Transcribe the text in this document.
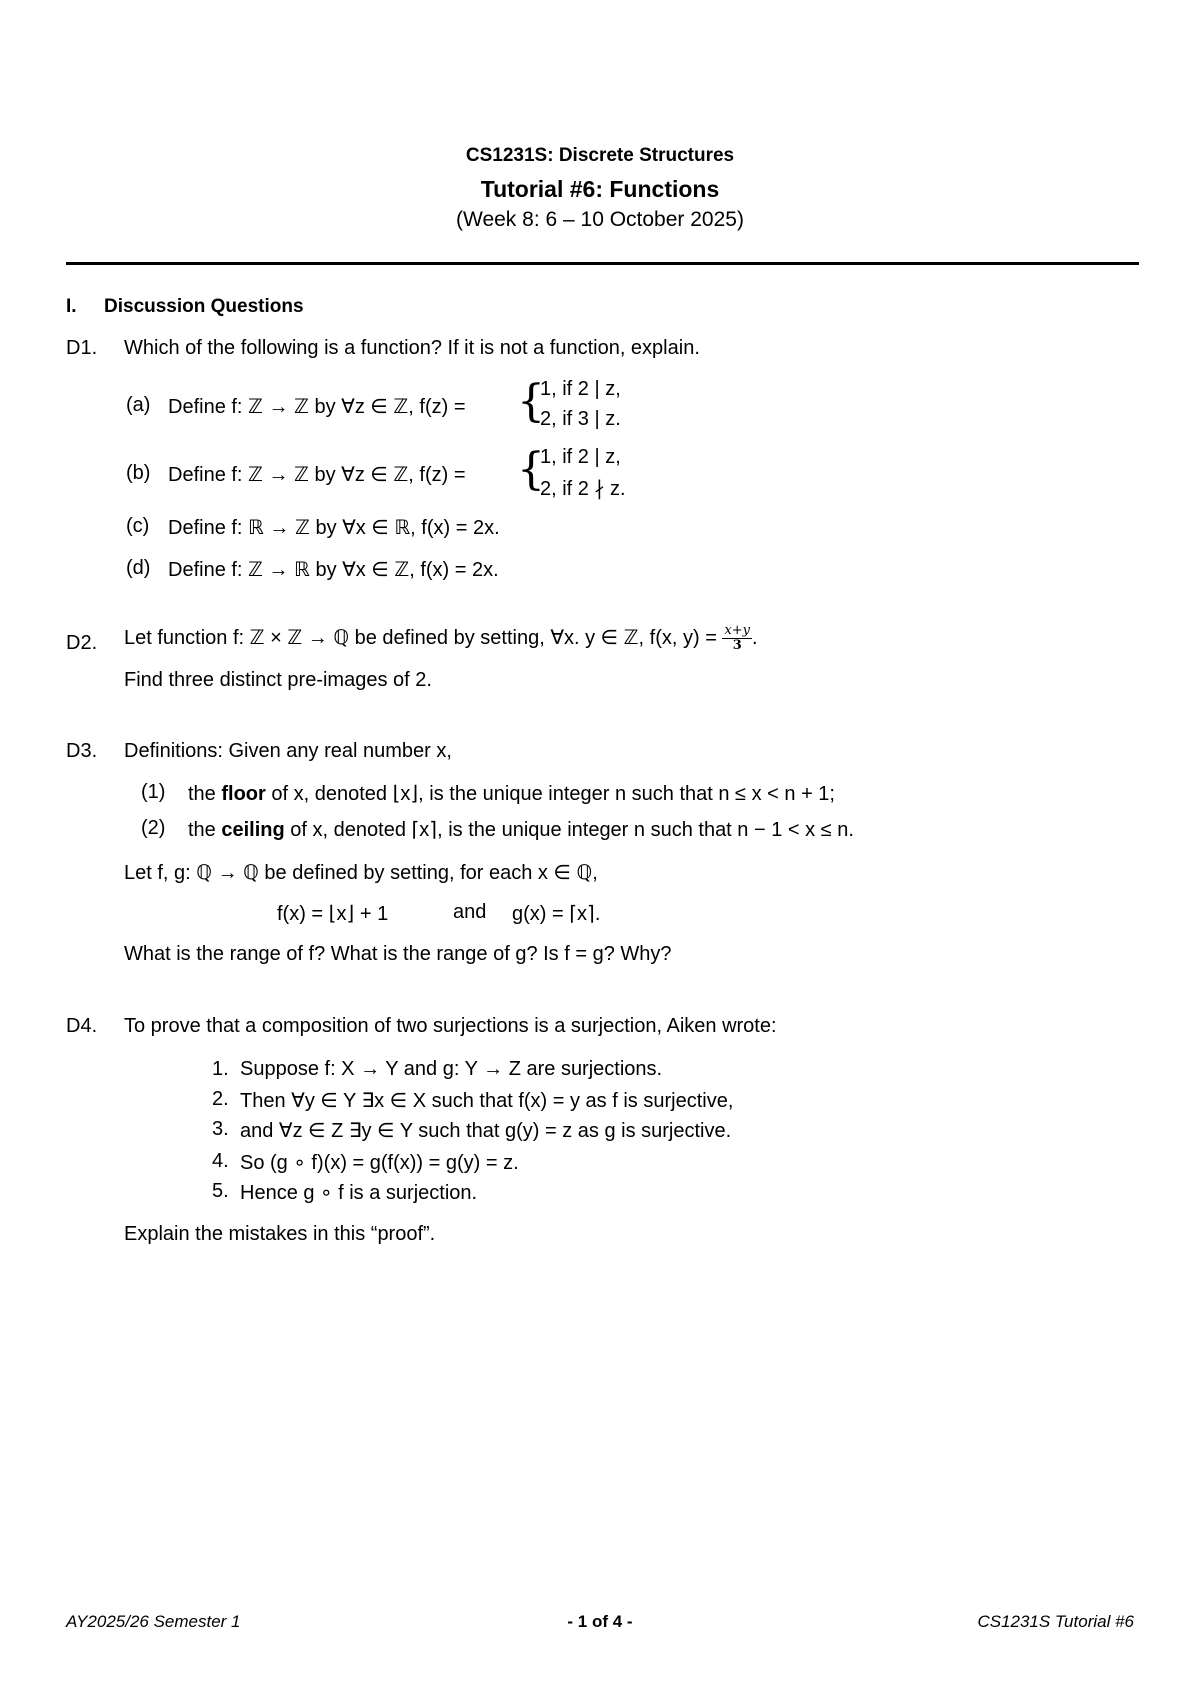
CS1231S: Discrete Structures
Tutorial #6: Functions
(Week 8: 6 – 10 October 2025)
I. Discussion Questions
D1. Which of the following is a function? If it is not a function, explain.
(a) Define f: ℤ → ℤ by ∀z ∈ ℤ, f(z) = {
1, if 2 | z,
2, if 3 | z.
(b) Define f: ℤ → ℤ by ∀z ∈ ℤ, f(z) = {
1, if 2 | z,
2, if 2 ∤ z.
(c) Define f: ℝ → ℤ by ∀x ∈ ℝ, f(x) = 2x.
(d) Define f: ℤ → ℝ by ∀x ∈ ℤ, f(x) = 2x.
D2. Let function f: ℤ × ℤ → ℚ be defined by setting, ∀x. y ∈ ℤ, f(x, $y) = \frac{x+y}{3}$ .
Find three distinct pre-images of 2.
D3. Definitions: Given any real number x,
(1) the floor of x, denoted ⌊x⌋, is the unique integer n such that n ≤ x < n + 1;
(2) the ceiling of x, denoted ⌈x⌉, is the unique integer n such that n − 1 < x ≤ n.
Let f, g: ℚ → ℚ be defined by setting, for each x ∈ ℚ,
f(x) = ⌊x⌋ + 1	and g(x) = ⌈x⌉.
What is the range of f? What is the range of g? Is f = g? Why?
D4. To prove that a composition of two surjections is a surjection, Aiken wrote:
1. Suppose f: X → Y and g: Y → Z are surjections.
2. Then ∀y ∈ Y ∃x ∈ X such that f(x) = y as f is surjective,
3. and ∀z ∈ Z ∃y ∈ Y such that g(y) = z as g is surjective.
4. So (g ∘ f)(x) = g(f(x)) = g(y) = z.
5. Hence g ∘ f is a surjection.
Explain the mistakes in this “proof”.
AY2025/26 Semester 1	- 1 of 4 -	CS1231S Tutorial #6
